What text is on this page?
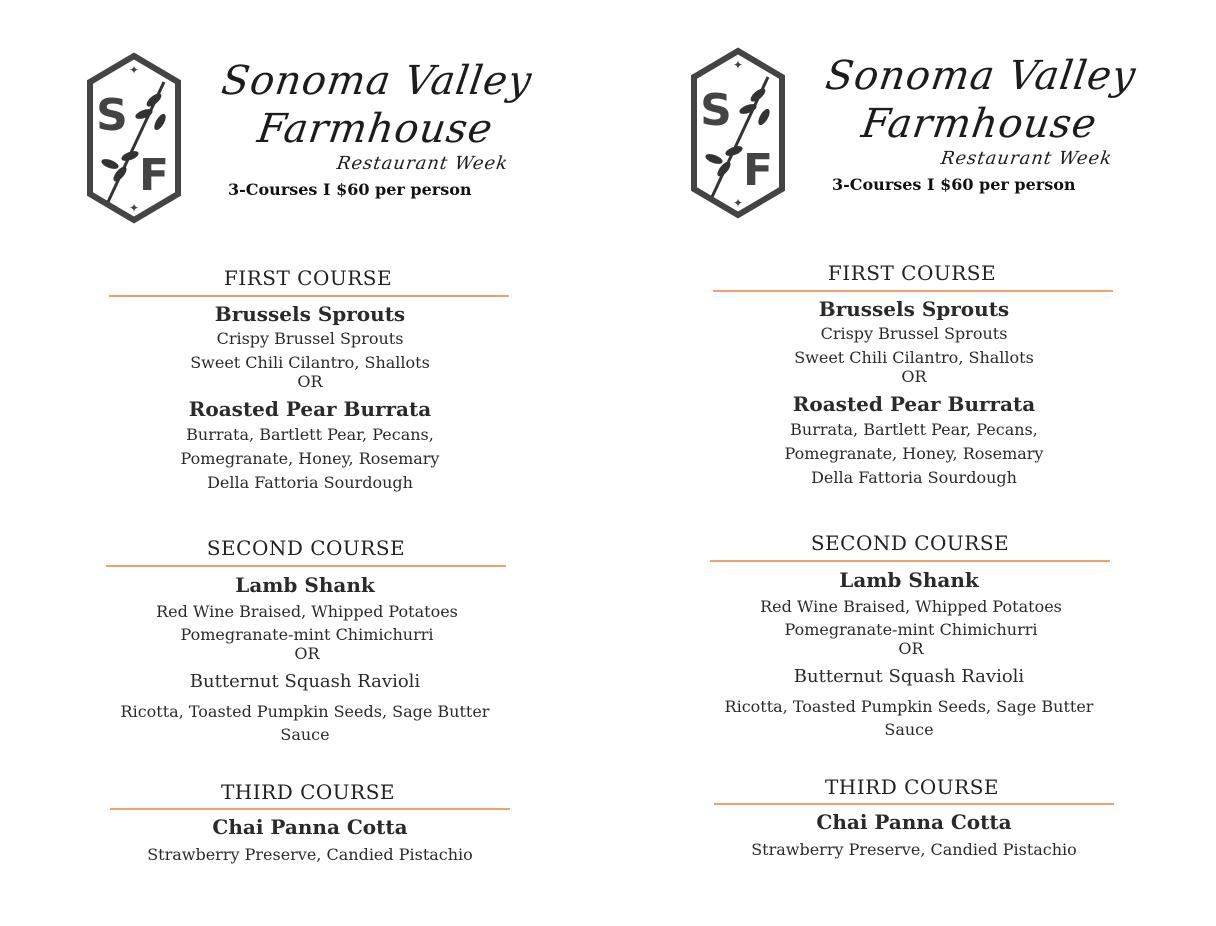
S
F
✦
✦
Sonoma Valley
Farmhouse
Restaurant Week
3-Courses I $60 per person
FIRST COURSE
Brussels Sprouts
Crispy Brussel Sprouts
Sweet Chili Cilantro, Shallots
OR
Roasted Pear Burrata
Burrata, Bartlett Pear, Pecans,
Pomegranate, Honey, Rosemary
Della Fattoria Sourdough
SECOND COURSE
Lamb Shank
Red Wine Braised, Whipped Potatoes
Pomegranate-mint Chimichurri
OR
Butternut Squash Ravioli
Ricotta, Toasted Pumpkin Seeds, Sage Butter
Sauce
THIRD COURSE
Chai Panna Cotta
Strawberry Preserve, Candied Pistachio
S
F
✦
✦
Sonoma Valley
Farmhouse
Restaurant Week
3-Courses I $60 per person
FIRST COURSE
Brussels Sprouts
Crispy Brussel Sprouts
Sweet Chili Cilantro, Shallots
OR
Roasted Pear Burrata
Burrata, Bartlett Pear, Pecans,
Pomegranate, Honey, Rosemary
Della Fattoria Sourdough
SECOND COURSE
Lamb Shank
Red Wine Braised, Whipped Potatoes
Pomegranate-mint Chimichurri
OR
Butternut Squash Ravioli
Ricotta, Toasted Pumpkin Seeds, Sage Butter
Sauce
THIRD COURSE
Chai Panna Cotta
Strawberry Preserve, Candied Pistachio
